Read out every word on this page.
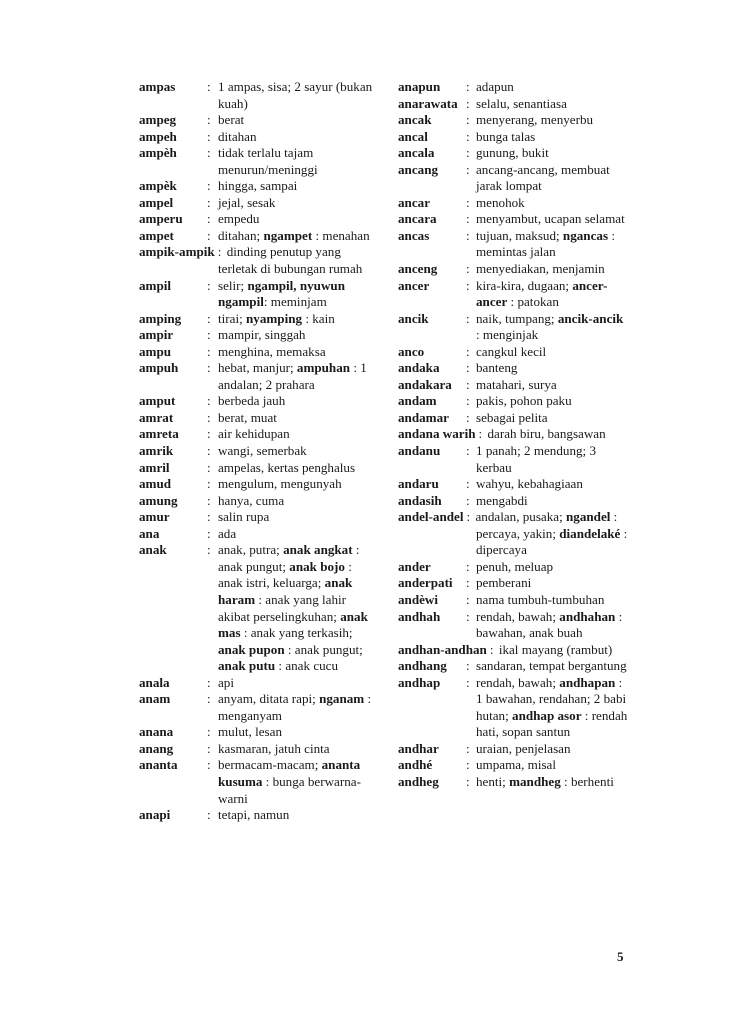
ampas : 1 ampas, sisa; 2 sayur (bukan kuah)
ampeg : berat
ampeh : ditahan
ampèh : tidak terlalu tajam menurun/meninggi
ampèk : hingga, sampai
ampel	: jejal, sesak
amperu : empedu
ampet	: ditahan; ngampet : menahan
ampik-ampik : dinding penutup yang terletak di bubungan rumah
ampil	: selir; ngampil, nyuwun ngampil: meminjam
amping : tirai; nyamping : kain
ampir	: mampir, singgah
ampu	: menghina, memaksa
ampuh : hebat, manjur; ampuhan : 1 andalan; 2 prahara
amput : berbeda jauh
amrat	: berat, muat
amreta : air kehidupan
amrik	: wangi, semerbak
amril	: ampelas, kertas penghalus
amud	: mengulum, mengunyah
amung : hanya, cuma
amur	: salin rupa
ana	: ada
anak	: anak, putra; anak angkat : anak pungut; anak bojo : anak istri, keluarga; anak haram : anak yang lahir akibat perselingkuhan; anak mas : anak yang terkasih; anak pupon : anak pungut; anak putu : anak cucu
anala	: api
anam	: anyam, ditata rapi; nganam : menganyam
anana	: mulut, lesan
anang	: kasmaran, jatuh cinta
ananta : bermacam-macam; ananta kusuma : bunga berwarna-warni
anapi	: tetapi, namun
anapun : adapun
anarawata : selalu, senantiasa
ancak	: menyerang, menyerbu
ancal	: bunga talas
ancala : gunung, bukit
ancang : ancang-ancang, membuat jarak lompat
ancar	: menohok
ancara : menyambut, ucapan selamat
ancas	: tujuan, maksud; ngancas : memintas jalan
anceng : menyediakan, menjamin
ancer	: kira-kira, dugaan; ancer-ancer : patokan
ancik	: naik, tumpang; ancik-ancik : menginjak
anco	: cangkul kecil
andaka : banteng
andakara : matahari, surya
andam : pakis, pohon paku
andamar : sebagai pelita
andana warih : darah biru, bangsawan
andanu : 1 panah; 2 mendung; 3 kerbau
andaru : wahyu, kebahagiaan
andasih : mengabdi
andel-andel : andalan, pusaka; ngandel : percaya, yakin; diandelaké : dipercaya
ander	: penuh, meluap
anderpati : pemberani
andèwi : nama tumbuh-tumbuhan
andhah : rendah, bawah; andhahan : bawahan, anak buah
andhan-andhan : ikal mayang (rambut)
andhang : sandaran, tempat bergantung
andhap : rendah, bawah; andhapan : 1 bawahan, rendahan; 2 babi hutan; andhap asor : rendah hati, sopan santun
andhar : uraian, penjelasan
andhé	: umpama, misal
andheg : henti; mandheg : berhenti
5
